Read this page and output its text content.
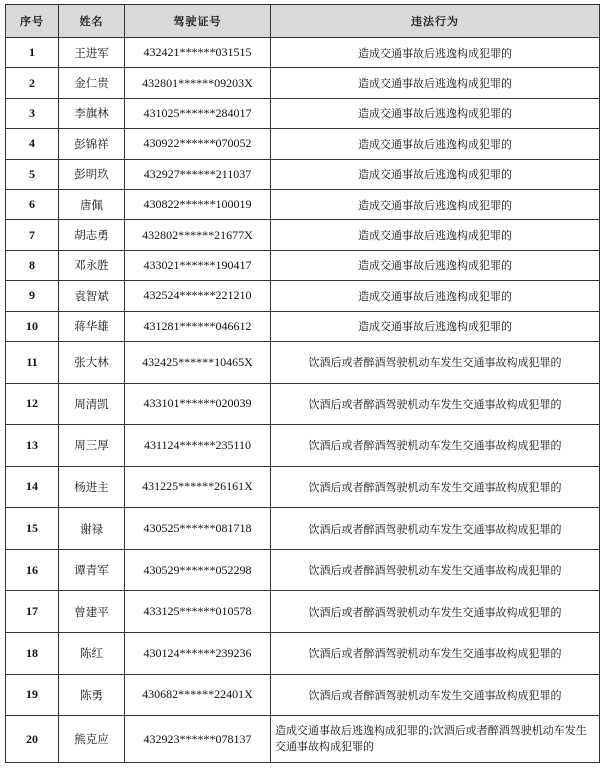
序号	姓名	驾驶证号	违法行为
1	王进军	432421******031515	造成交通事故后逃逸构成犯罪的
2	金仁贵	432801******09203X	造成交通事故后逃逸构成犯罪的
3	李旗林	431025******284017	造成交通事故后逃逸构成犯罪的
4	彭锦祥	430922******070052	造成交通事故后逃逸构成犯罪的
5	彭明玖	432927******211037	造成交通事故后逃逸构成犯罪的
6	唐佩	430822******100019	造成交通事故后逃逸构成犯罪的
7	胡志勇	432802******21677X	造成交通事故后逃逸构成犯罪的
8	邓永胜	433021******190417	造成交通事故后逃逸构成犯罪的
9	袁智斌	432524******221210	造成交通事故后逃逸构成犯罪的
10	蒋华雄	431281******046612	造成交通事故后逃逸构成犯罪的
11	张大林	432425******10465X	饮酒后或者醉酒驾驶机动车发生交通事故构成犯罪的
12	周清凯	433101******020039	饮酒后或者醉酒驾驶机动车发生交通事故构成犯罪的
13	周三厚	431124******235110	饮酒后或者醉酒驾驶机动车发生交通事故构成犯罪的
14	杨进主	431225******26161X	饮酒后或者醉酒驾驶机动车发生交通事故构成犯罪的
15	谢禄	430525******081718	饮酒后或者醉酒驾驶机动车发生交通事故构成犯罪的
16	谭青军	430529******052298	饮酒后或者醉酒驾驶机动车发生交通事故构成犯罪的
17	曾建平	433125******010578	饮酒后或者醉酒驾驶机动车发生交通事故构成犯罪的
18	陈红	430124******239236	饮酒后或者醉酒驾驶机动车发生交通事故构成犯罪的
19	陈勇	430682******22401X	饮酒后或者醉酒驾驶机动车发生交通事故构成犯罪的
20	熊克应	432923******078137	造成交通事故后逃逸构成犯罪的;饮酒后或者醉酒驾驶机动车发生交通事故构成犯罪的
